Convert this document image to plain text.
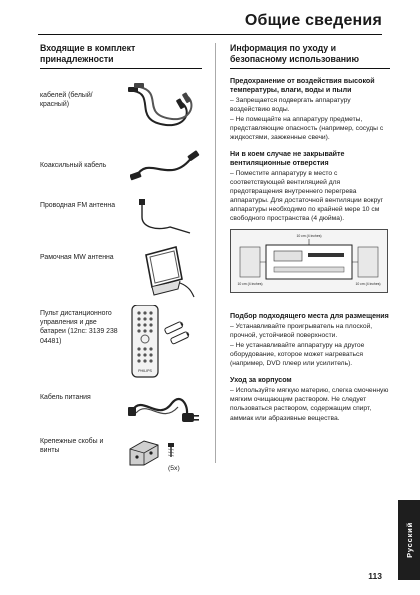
Общие сведения
Входящие в комплект принадлежности
кабелей (белый/красный)
Коаксильный кабель
Проводная FM антенна
Рамочная MW антенна
Пульт дистанционного управления и две батареи (12nc: 3139 238 04481)
PHILIPS
Кабель питания
Крепежные скобы и винты
(5x)
Информация по уходу и безопасному использованию
Предохранение от воздействия высокой температуры, влаги, воды и пыли

– Запрещается подвергать аппаратуру воздействию воды.

– Не помещайте на аппаратуру предметы, представляющие опасность (например, сосуды с жидкостями, зажженные свечи).

Ни в коем случае не закрывайте вентиляционные отверстия

– Поместите аппаратуру в место с соответствующей вентиляцией для предотвращения внутреннего перегрева аппаратуры. Для достаточной вентиляции вокруг аппаратуры необходимо по крайней мере 10 см свободного пространства (4 дюйма).

10 cm (4 inches)
10 cm (4 inches)	10 cm (4 inches)
Подбор подходящего места для размещения

– Устанавливайте проигрыватель на плоской, прочной, устойчивой поверхности.

– Не устанавливайте аппаратуру на другое оборудование, которое может нагреваться (например, DVD плеер или усилитель).

Уход за корпусом

– Используйте мягкую материю, слегка смоченную мягким очищающим раствором. Не следует пользоваться раствором, содержащим спирт, аммиак или абразивные вещества.

Русский
113
